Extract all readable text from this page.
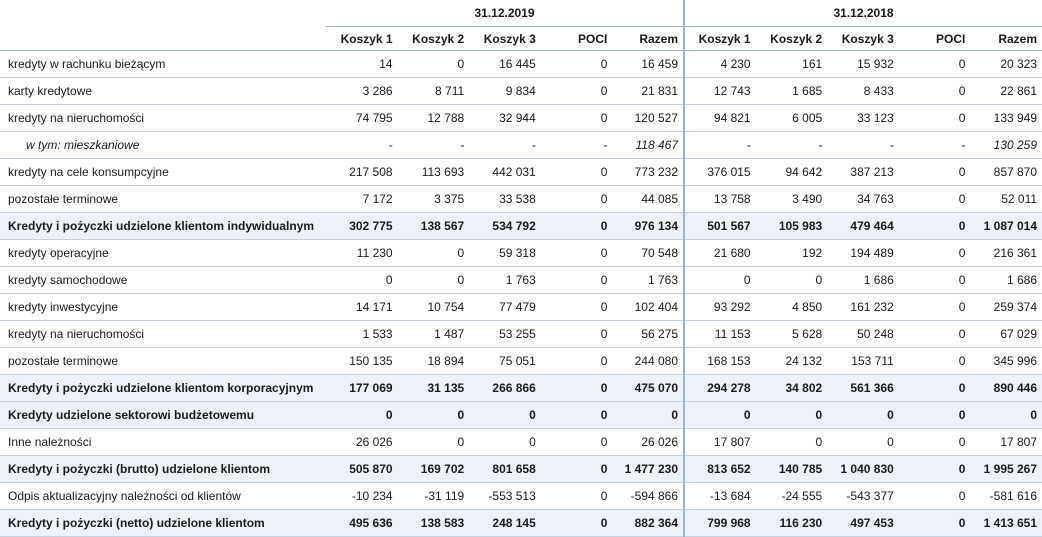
	31.12.2019					31.12.2018				
	Koszyk 1	Koszyk 2	Koszyk 3	POCI	Razem	Koszyk 1	Koszyk 2	Koszyk 3	POCI	Razem
kredyty w rachunku bieżącym	14	0	16 445	0	16 459	4 230	161	15 932	0	20 323
karty kredytowe	3 286	8 711	9 834	0	21 831	12 743	1 685	8 433	0	22 861
kredyty na nieruchomości	74 795	12 788	32 944	0	120 527	94 821	6 005	33 123	0	133 949
w tym: mieszkaniowe	-	-	-	-	118 467	-	-	-	-	130 259
kredyty na cele konsumpcyjne	217 508	113 693	442 031	0	773 232	376 015	94 642	387 213	0	857 870
pozostałe terminowe	7 172	3 375	33 538	0	44 085	13 758	3 490	34 763	0	52 011
Kredyty i pożyczki udzielone klientom indywidualnym	302 775	138 567	534 792	0	976 134	501 567	105 983	479 464	0	1 087 014
kredyty operacyjne	11 230	0	59 318	0	70 548	21 680	192	194 489	0	216 361
kredyty samochodowe	0	0	1 763	0	1 763	0	0	1 686	0	1 686
kredyty inwestycyjne	14 171	10 754	77 479	0	102 404	93 292	4 850	161 232	0	259 374
kredyty na nieruchomości	1 533	1 487	53 255	0	56 275	11 153	5 628	50 248	0	67 029
pozostałe terminowe	150 135	18 894	75 051	0	244 080	168 153	24 132	153 711	0	345 996
Kredyty i pożyczki udzielone klientom korporacyjnym	177 069	31 135	266 866	0	475 070	294 278	34 802	561 366	0	890 446
Kredyty udzielone sektorowi budżetowemu	0	0	0	0	0	0	0	0	0	0
Inne należności	26 026	0	0	0	26 026	17 807	0	0	0	17 807
Kredyty i pożyczki (brutto) udzielone klientom	505 870	169 702	801 658	0	1 477 230	813 652	140 785	1 040 830	0	1 995 267
Odpis aktualizacyjny należności od klientów	-10 234	-31 119	-553 513	0	-594 866	-13 684	-24 555	-543 377	0	-581 616
Kredyty i pożyczki (netto) udzielone klientom	495 636	138 583	248 145	0	882 364	799 968	116 230	497 453	0	1 413 651
